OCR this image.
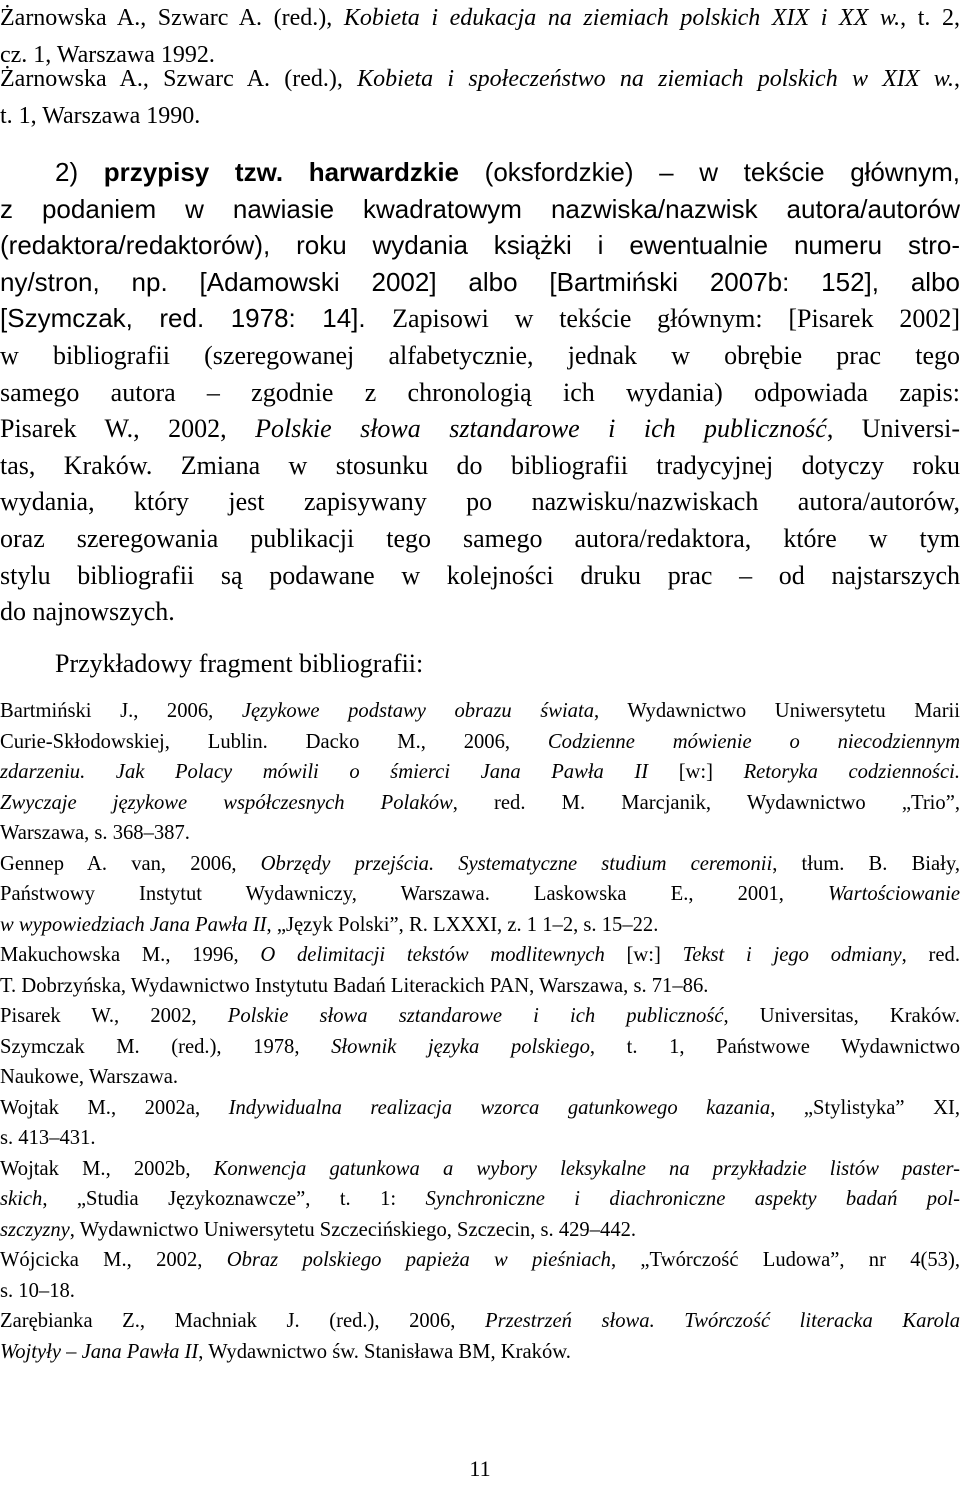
Żarnowska A., Szwarc A. (red.), Kobieta i edukacja na ziemiach polskich XIX i XX w., t. 2,
cz. 1, Warszawa 1992.
Żarnowska A., Szwarc A. (red.), Kobieta i społeczeństwo na ziemiach polskich w XIX w.,
t. 1, Warszawa 1990.
2) przypisy tzw. harwardzkie (oksfordzkie) – w tekście głównym,
z podaniem w nawiasie kwadratowym nazwiska/nazwisk autora/autorów
(redaktora/redaktorów), roku wydania książki i ewentualnie numeru stro-
ny/stron, np. [Adamowski 2002] albo [Bartmiński 2007b: 152], albo
[Szymczak, red. 1978: 14]. Zapisowi w tekście głównym: [Pisarek 2002]
w bibliografii (szeregowanej alfabetycznie, jednak w obrębie prac tego
samego autora – zgodnie z chronologią ich wydania) odpowiada zapis:
Pisarek W., 2002, Polskie słowa sztandarowe i ich publiczność, Universi-
tas, Kraków. Zmiana w stosunku do bibliografii tradycyjnej dotyczy roku
wydania, który jest zapisywany po nazwisku/nazwiskach autora/autorów,
oraz szeregowania publikacji tego samego autora/redaktora, które w tym
stylu bibliografii są podawane w kolejności druku prac – od najstarszych
do najnowszych.
Przykładowy fragment bibliografii:

Bartmiński J., 2006, Językowe podstawy obrazu świata, Wydawnictwo Uniwersytetu Marii
Curie-Skłodowskiej, Lublin. Dacko M., 2006, Codzienne mówienie o niecodziennym
zdarzeniu. Jak Polacy mówili o śmierci Jana Pawła II [w:] Retoryka codzienności.
Zwyczaje językowe współczesnych Polaków, red. M. Marcjanik, Wydawnictwo „Trio”,
Warszawa, s. 368–387.

Gennep A. van, 2006, Obrzędy przejścia. Systematyczne studium ceremonii, tłum. B. Biały,
Państwowy Instytut Wydawniczy, Warszawa. Laskowska E., 2001, Wartościowanie
w wypowiedziach Jana Pawła II, „Język Polski”, R. LXXXI, z. 1 1–2, s. 15–22.

Makuchowska M., 1996, O delimitacji tekstów modlitewnych [w:] Tekst i jego odmiany, red.
T. Dobrzyńska, Wydawnictwo Instytutu Badań Literackich PAN, Warszawa, s. 71–86.

Pisarek W., 2002, Polskie słowa sztandarowe i ich publiczność, Universitas, Kraków.
Szymczak M. (red.), 1978, Słownik języka polskiego, t. 1, Państwowe Wydawnictwo
Naukowe, Warszawa.

Wojtak M., 2002a, Indywidualna realizacja wzorca gatunkowego kazania, „Stylistyka” XI,
s. 413–431.

Wojtak M., 2002b, Konwencja gatunkowa a wybory leksykalne na przykładzie listów paster-
skich, „Studia Językoznawcze”, t. 1: Synchroniczne i diachroniczne aspekty badań pol-
szczyzny, Wydawnictwo Uniwersytetu Szczecińskiego, Szczecin, s. 429–442.

Wójcicka M., 2002, Obraz polskiego papieża w pieśniach, „Twórczość Ludowa”, nr 4(53),
s. 10–18.

Zarębianka Z., Machniak J. (red.), 2006, Przestrzeń słowa. Twórczość literacka Karola
Wojtyły – Jana Pawła II, Wydawnictwo św. Stanisława BM, Kraków.

11
